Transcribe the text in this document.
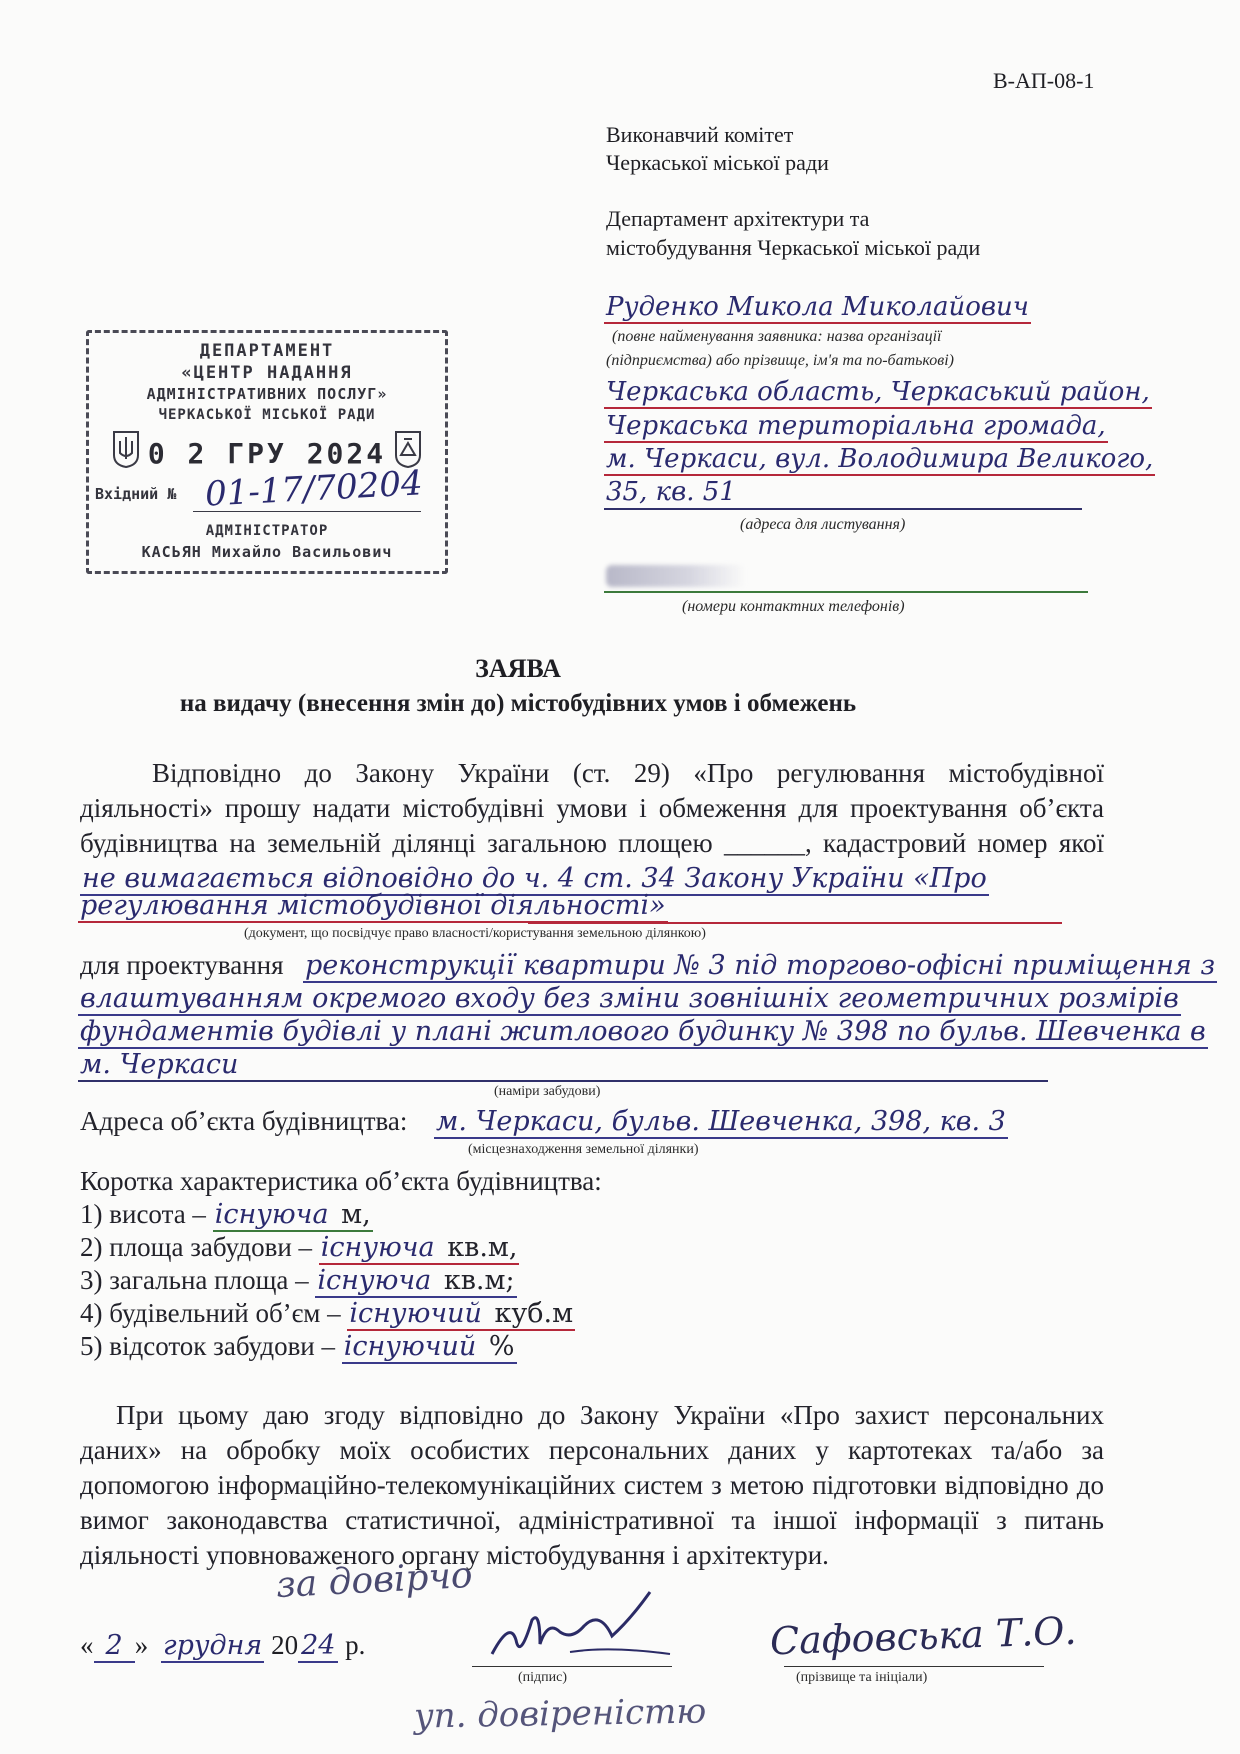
В-АП-08-1
Виконавчий комітет
Черкаської міської ради
Департамент архітектури та
містобудування Черкаської міської ради
Руденко Микола Миколайович
(повне найменування заявника: назва організації
(підприємства) або прізвище, ім'я та по-батькові)
Черкаська область, Черкаський район,
Черкаська територіальна громада,
м. Черкаси, вул. Володимира Великого,
35, кв. 51
(адреса для листування)
(номери контактних телефонів)
ДЕПАРТАМЕНТ
«ЦЕНТР НАДАННЯ
АДМІНІСТРАТИВНИХ ПОСЛУГ»
ЧЕРКАСЬКОЇ МІСЬКОЇ РАДИ
0 2 ГРУ 2024
Вхідний № 01-17/70204
АДМІНІСТРАТОР
КАСЬЯН Михайло Васильович
ЗАЯВА
на видачу (внесення змін до) містобудівних умов і обмежень
Відповідно до Закону України (ст. 29) «Про регулювання містобудівної діяльності» прошу надати містобудівні умови і обмеження для проектування об’єкта будівництва на земельній ділянці загальною площею ______, кадастровий номер якої не вимагається відповідно до ч. 4 ст. 34 Закону України «Про
регулювання містобудівної діяльності»
(документ, що посвідчує право власності/користування земельною ділянкою)
для проектування реконструкції квартири № 3 під торгово-офісні приміщення з
влаштуванням окремого входу без зміни зовнішніх геометричних розмірів
фундаментів будівлі у плані житлового будинку № 398 по бульв. Шевченка в
м. Черкаси
(наміри забудови)
Адреса об’єкта будівництва: м. Черкаси, бульв. Шевченка, 398, кв. 3
(місцезнаходження земельної ділянки)
Коротка характеристика об’єкта будівництва:
1) висота – існуюча м,
2) площа забудови – існуюча кв.м,
3) загальна площа – існуюча кв.м;
4) будівельний об’єм – існуючий куб.м
5) відсоток забудови – існуючий %
При цьому даю згоду відповідно до Закону України «Про захист персональних даних» на обробку моїх особистих персональних даних у картотеках та/або за допомогою інформаційно-телекомунікаційних систем з метою підготовки відповідно до вимог законодавства статистичної, адміністративної та іншої інформації з питань діяльності уповноваженого органу містобудування і архітектури.
за довірчо
« 2 » грудня 20 24 р.
(підпис)
Сафовська Т.О.
(прізвище та ініціали)
уп. довіреністю
